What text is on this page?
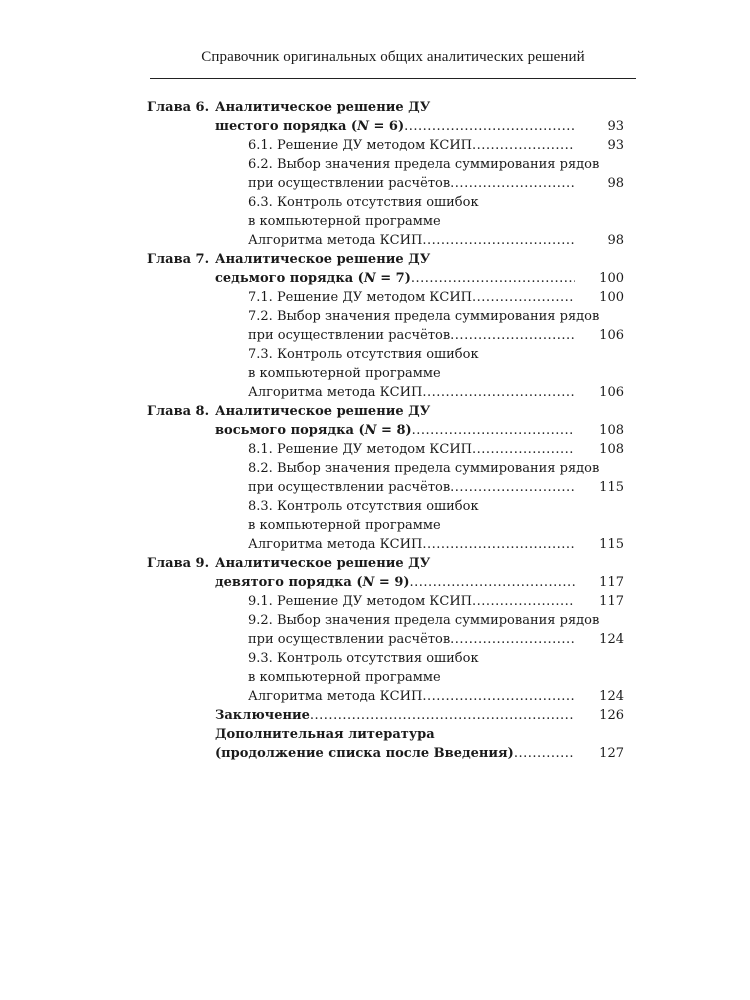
Справочник оригинальных общих аналитических решений
Глава 6. Аналитическое решение ДУ
шестого порядка (N = 6) .....	93
6.1. Решение ДУ методом КСИП .....	93
6.2. Выбор значения предела суммирования рядов
при осуществлении расчётов .....	98
6.3. Контроль отсутствия ошибок
в компьютерной программе
Алгоритма метода КСИП .....	98
Глава 7. Аналитическое решение ДУ
седьмого порядка (N = 7) .....	100
7.1. Решение ДУ методом КСИП .....	100
7.2. Выбор значения предела суммирования рядов
при осуществлении расчётов .....	106
7.3. Контроль отсутствия ошибок
в компьютерной программе
Алгоритма метода КСИП .....	106
Глава 8. Аналитическое решение ДУ
восьмого порядка (N = 8) .....	108
8.1. Решение ДУ методом КСИП .....	108
8.2. Выбор значения предела суммирования рядов
при осуществлении расчётов .....	115
8.3. Контроль отсутствия ошибок
в компьютерной программе
Алгоритма метода КСИП .....	115
Глава 9. Аналитическое решение ДУ
девятого порядка (N = 9) .....	117
9.1. Решение ДУ методом КСИП .....	117
9.2. Выбор значения предела суммирования рядов
при осуществлении расчётов .....	124
9.3. Контроль отсутствия ошибок
в компьютерной программе
Алгоритма метода КСИП .....	124
Заключение .....	126
Дополнительная литература
(продолжение списка после Введения) .....	127
